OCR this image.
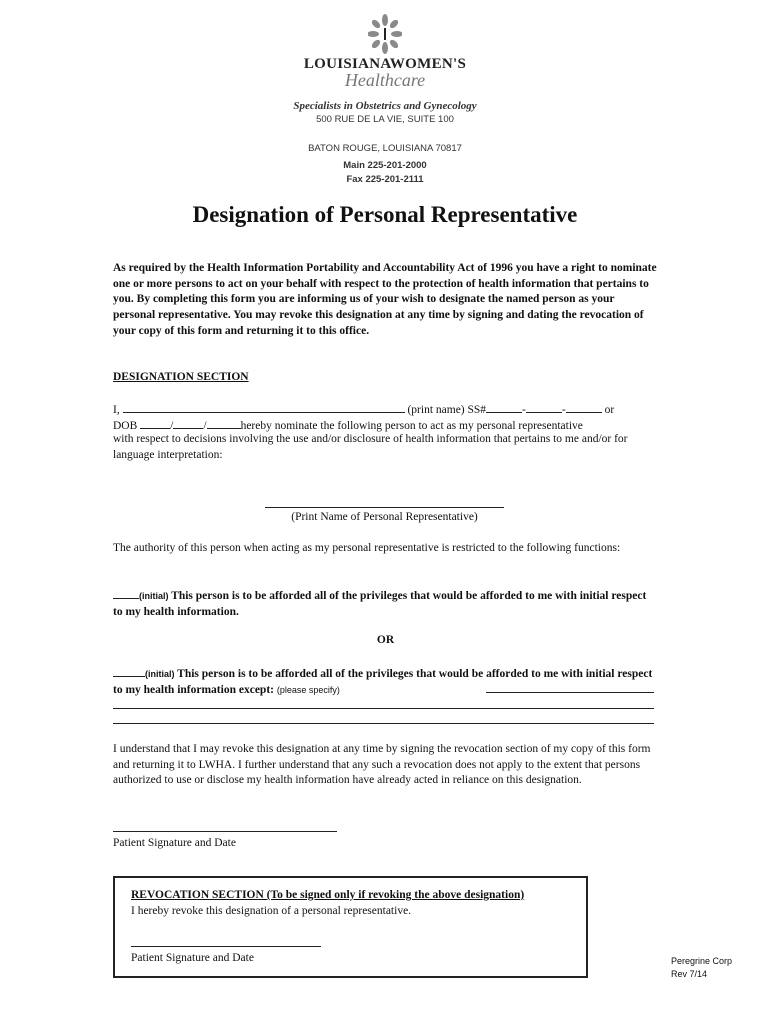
LOUISIANAWOMEN'S
Healthcare
Specialists in Obstetrics and Gynecology
500 RUE DE LA VIE, SUITE 100
BATON ROUGE, LOUISIANA 70817
Main 225-201-2000
Fax 225-201-2111
Designation of Personal Representative
As required by the Health Information Portability and Accountability Act of 1996 you have a right to nominate one or more persons to act on your behalf with respect to the protection of health information that pertains to you. By completing this form you are informing us of your wish to designate the named person as your personal representative. You may revoke this designation at any time by signing and dating the revocation of your copy of this form and returning it to this office.
DESIGNATION SECTION
I,	(print name) SS#	-	-	or
DOB	/	/	hereby nominate the following person to act as my personal representative
with respect to decisions involving the use and/or disclosure of health information that pertains to me and/or for language interpretation:
(Print Name of Personal Representative)
The authority of this person when acting as my personal representative is restricted to the following functions:
(initial) This person is to be afforded all of the privileges that would be afforded to me with initial respect to my health information.
OR
(initial) This person is to be afforded all of the privileges that would be afforded to me with initial respect to my health information except: (please specify)
I understand that I may revoke this designation at any time by signing the revocation section of my copy of this form and returning it to LWHA. I further understand that any such a revocation does not apply to the extent that persons authorized to use or disclose my health information have already acted in reliance on this designation.
Patient Signature and Date
REVOCATION SECTION (To be signed only if revoking the above designation)
I hereby revoke this designation of a personal representative.
Patient Signature and Date	Peregrine Corp
Rev 7/14
